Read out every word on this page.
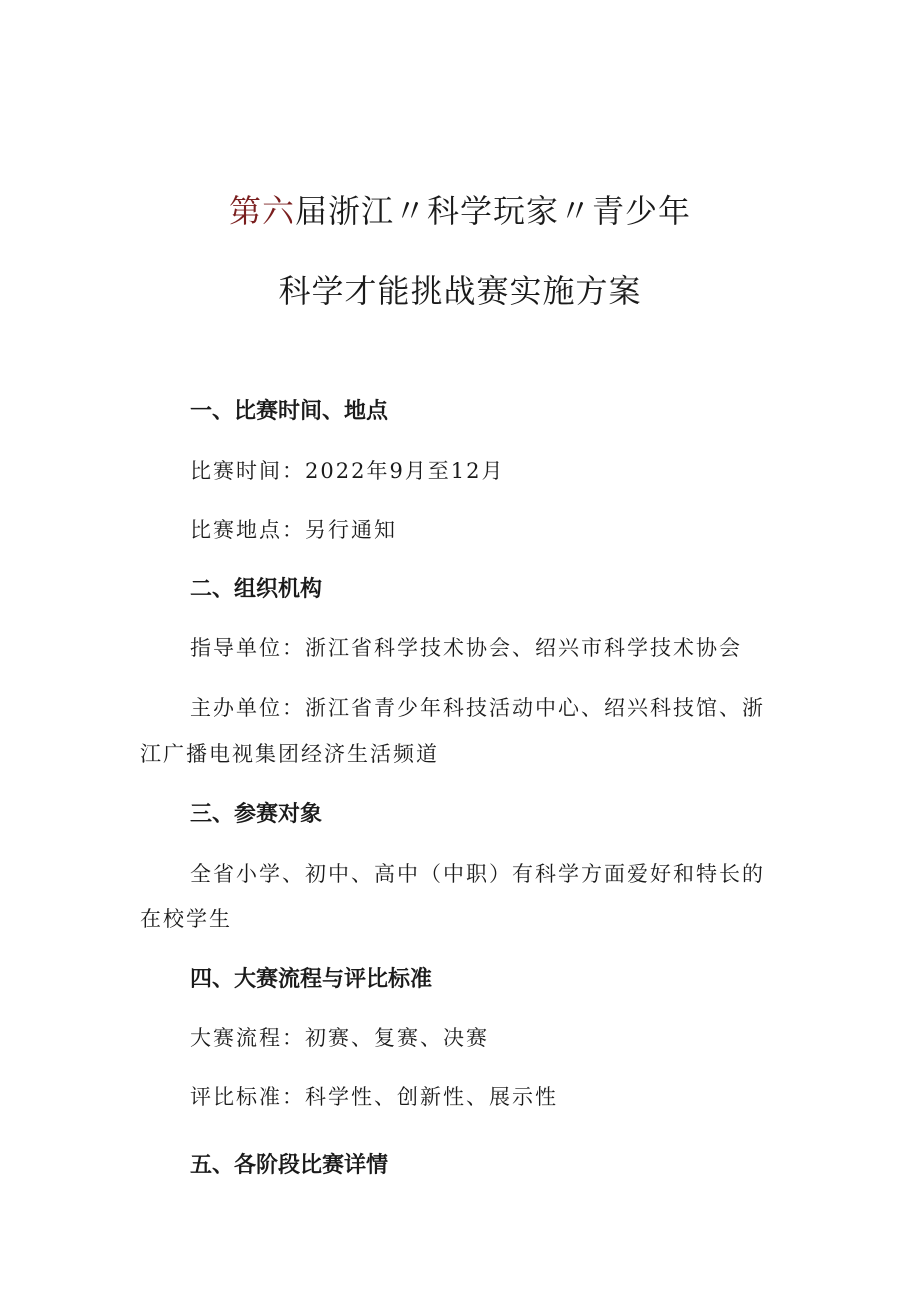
第六届浙江〃科学玩家〃青少年
科学才能挑战赛实施方案
一、比赛时间、地点
比赛时间：2022年9月至12月
比赛地点：另行通知
二、组织机构
指导单位：浙江省科学技术协会、绍兴市科学技术协会
主办单位：浙江省青少年科技活动中心、绍兴科技馆、浙
江广播电视集团经济生活频道
三、参赛对象
全省小学、初中、高中（中职）有科学方面爱好和特长的
在校学生
四、大赛流程与评比标准
大赛流程：初赛、复赛、决赛
评比标准：科学性、创新性、展示性
五、各阶段比赛详情
